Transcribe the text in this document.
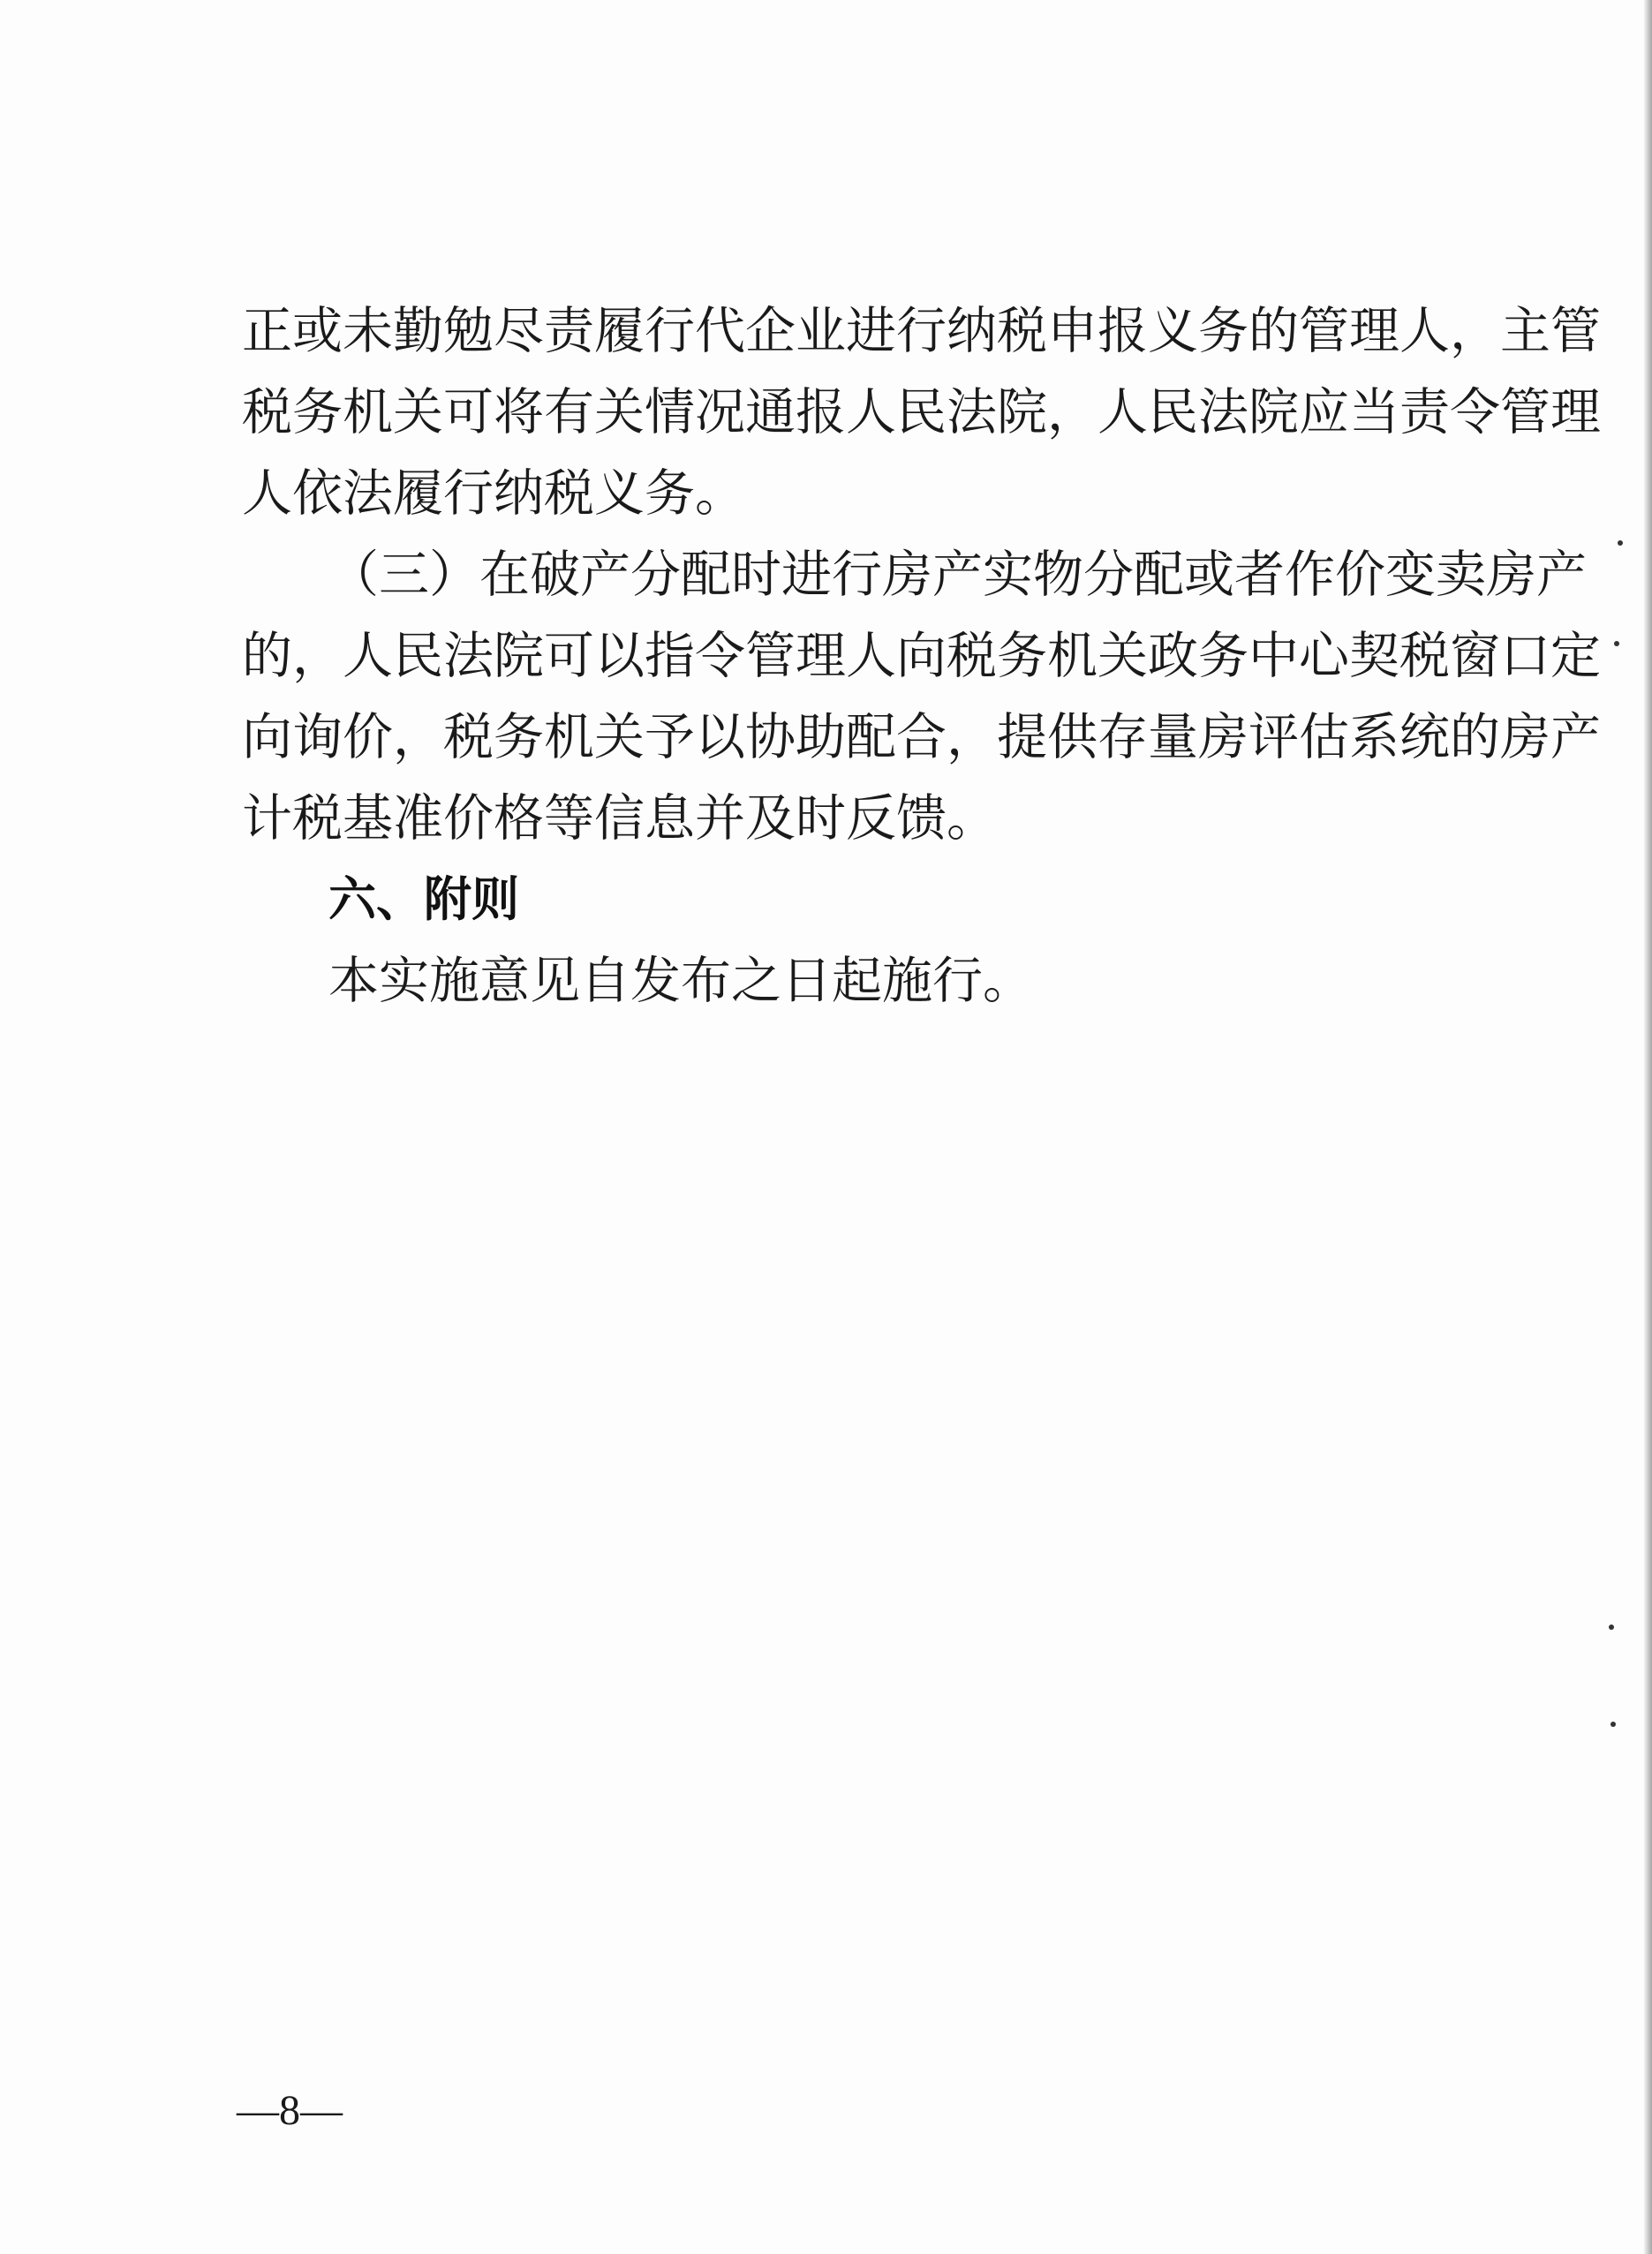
正或未勤勉尽责履行代企业进行纳税申报义务的管理人，主管
税务机关可将有关情况通报人民法院，人民法院应当责令管理
人依法履行纳税义务。
（三）在破产分配时进行房产实物分配或者作价变卖房产
的，人民法院可以指令管理人向税务机关政务中心契税窗口定
向询价，税务机关予以协助配合，提供存量房评估系统的房产
计税基准价格等信息并及时反馈。
六、附则
本实施意见自发布之日起施行。
—8—
